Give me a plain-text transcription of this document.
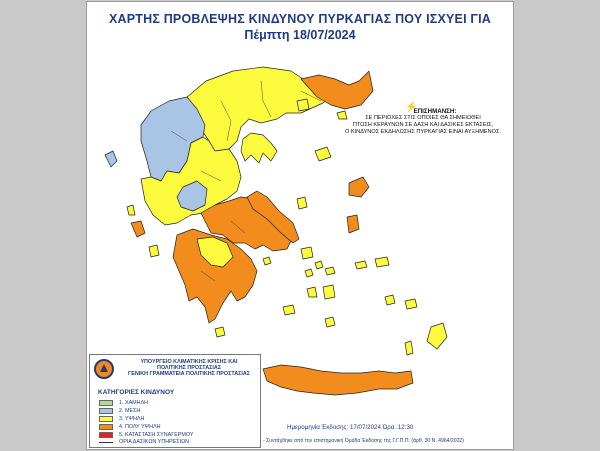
ΧΑΡΤΗΣ ΠΡΟΒΛΕΨΗΣ ΚΙΝΔΥΝΟΥ ΠΥΡΚΑΓΙΑΣ ΠΟΥ ΙΣΧΥΕΙ ΓΙΑ
Πέμπτη 18/07/2024
⚡
ΕΠΙΣΗΜΑΝΣΗ:
ΣΕ ΠΕΡΙΟΧΕΣ ΣΤΙΣ ΟΠΟΙΕΣ ΘΑ ΣΗΜΕΙΩΘΕΙ
ΠΤΩΣΗ ΚΕΡΑΥΝΩΝ ΣΕ ΔΑΣΗ ΚΑΙ ΔΑΣΙΚΕΣ ΕΚΤΑΣΕΙΣ,
Ο ΚΙΝΔΥΝΟΣ ΕΚΔΗΛΩΣΗΣ ΠΥΡΚΑΓΙΑΣ ΕΙΝΑΙ ΑΥΞΗΜΕΝΟΣ.
ΥΠΟΥΡΓΕΙΟ ΚΛΙΜΑΤΙΚΗΣ ΚΡΙΣΗΣ ΚΑΙ
ΠΟΛΙΤΙΚΗΣ ΠΡΟΣΤΑΣΙΑΣ
ΓΕΝΙΚΗ ΓΡΑΜΜΑΤΕΙΑ ΠΟΛΙΤΙΚΗΣ ΠΡΟΣΤΑΣΙΑΣ
ΚΑΤΗΓΟΡΙΕΣ ΚΙΝΔΥΝΟΥ
1. ΧΑΜΗΛΗ
2. ΜΕΣΗ
3. ΥΨΗΛΗ
4. ΠΟΛΥ ΥΨΗΛΗ
5. ΚΑΤΑΣΤΑΣΗ ΣΥΝΑΓΕΡΜΟΥ
ΟΡΙΑ ΔΑΣΙΚΩΝ ΥΠΗΡΕΣΙΩΝ
Ημερομηνία Έκδοσης: 17/07/2024 Ώρα :12:30
- Συντάχθηκε από την επιστημονική Ομάδα Έκδοσης της Γ.Γ.Π.Π. (άρθ. 30 Ν. 4964/2022)
